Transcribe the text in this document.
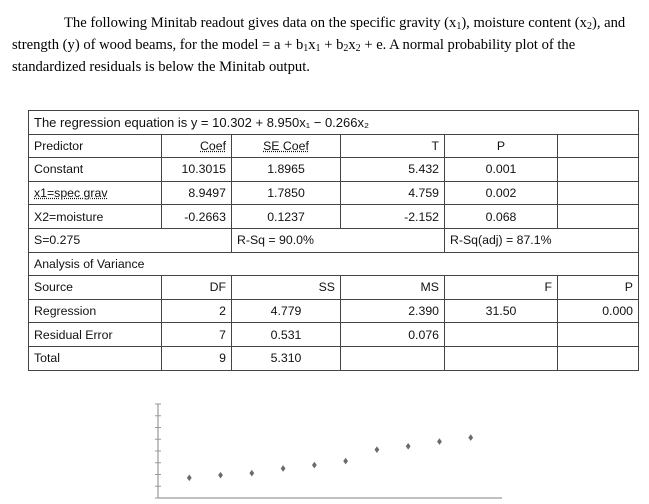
The following Minitab readout gives data on the specific gravity $(x_1)$, moisture content $(x_2)$, and strength (y) of wood beams, for the model = $a + b_1x_1 + b_2x_2 + e$. A normal probability plot of the standardized residuals is below the Minitab output.

The regression equation is y = 10.302 + 8.950x₁ − 0.266x₂					
Predictor	Coef	SE Coef	T	P	
Constant	10.3015	1.8965	5.432	0.001	
x1=spec grav	8.9497	1.7850	4.759	0.002	
X2=moisture	-0.2663	0.1237	-2.152	0.068	
S=0.275		R-Sq = 90.0%		R-Sq(adj) = 87.1%	
Analysis of Variance					
Source	DF	SS	MS	F	P
Regression	2	4.779	2.390	31.50	0.000
Residual Error	7	0.531	0.076		
Total	9	5.310			
